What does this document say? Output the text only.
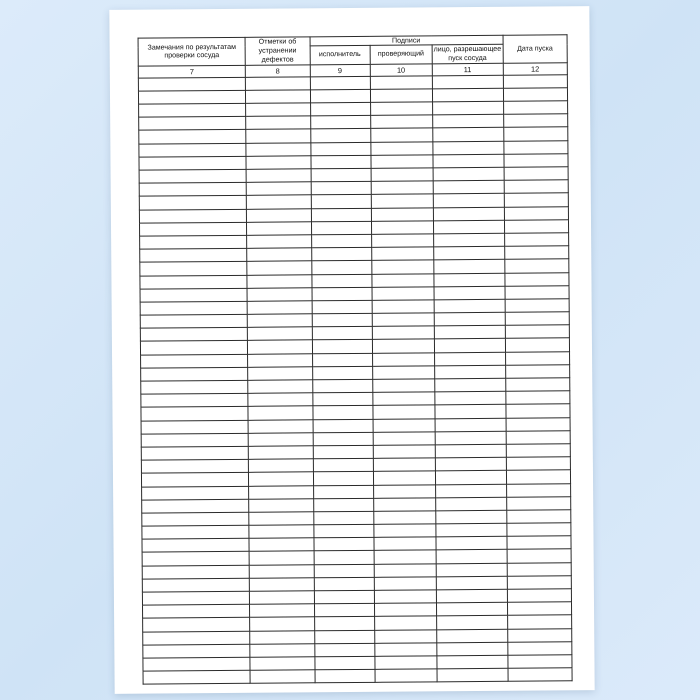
Замечания по результатам проверки сосуда	Отметки об устранении дефектов	Подписи			Дата пуска
		исполнитель	проверяющий	лицо, разрешающее пуск сосуда	
7	8	9	10	11	12
